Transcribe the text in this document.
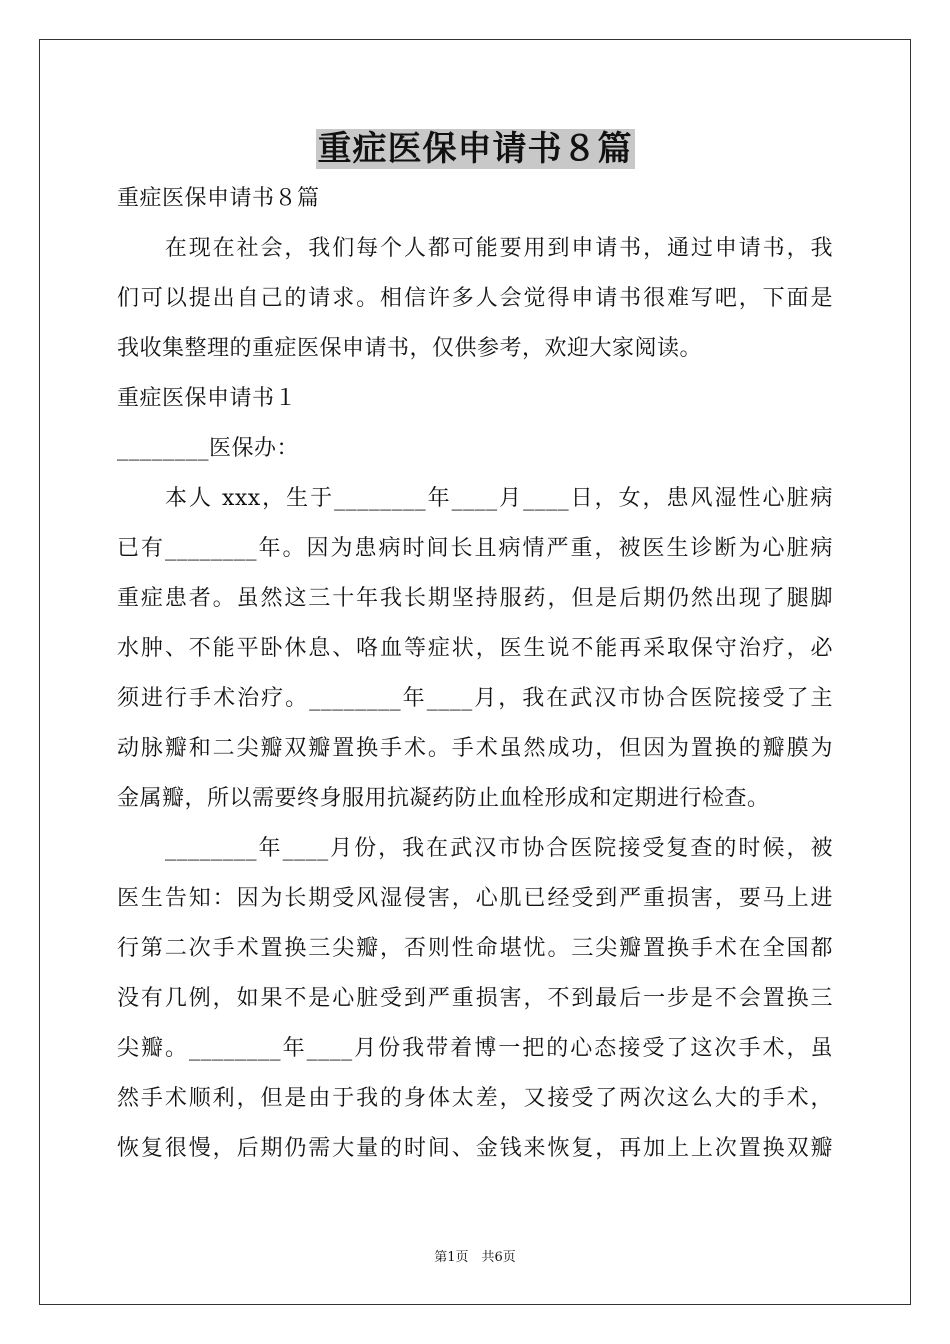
重症医保申请书８篇
重症医保申请书８篇
　　在现在社会，我们每个人都可能要用到申请书，通过申请书，我
们可以提出自己的请求。相信许多人会觉得申请书很难写吧，下面是
我收集整理的重症医保申请书，仅供参考，欢迎大家阅读。
重症医保申请书１
________医保办：
　　本人 xxx，生于________年____月____日，女，患风湿性心脏病
已有________年。因为患病时间长且病情严重，被医生诊断为心脏病
重症患者。虽然这三十年我长期坚持服药，但是后期仍然出现了腿脚
水肿、不能平卧休息、咯血等症状，医生说不能再采取保守治疗，必
须进行手术治疗。________年____月，我在武汉市协合医院接受了主
动脉瓣和二尖瓣双瓣置换手术。手术虽然成功，但因为置换的瓣膜为
金属瓣，所以需要终身服用抗凝药防止血栓形成和定期进行检查。
　　________年____月份，我在武汉市协合医院接受复查的时候，被
医生告知：因为长期受风湿侵害，心肌已经受到严重损害，要马上进
行第二次手术置换三尖瓣，否则性命堪忧。三尖瓣置换手术在全国都
没有几例，如果不是心脏受到严重损害，不到最后一步是不会置换三
尖瓣。________年____月份我带着博一把的心态接受了这次手术，虽
然手术顺利，但是由于我的身体太差，又接受了两次这么大的手术，
恢复很慢，后期仍需大量的时间、金钱来恢复，再加上上次置换双瓣
第1页　共6页
